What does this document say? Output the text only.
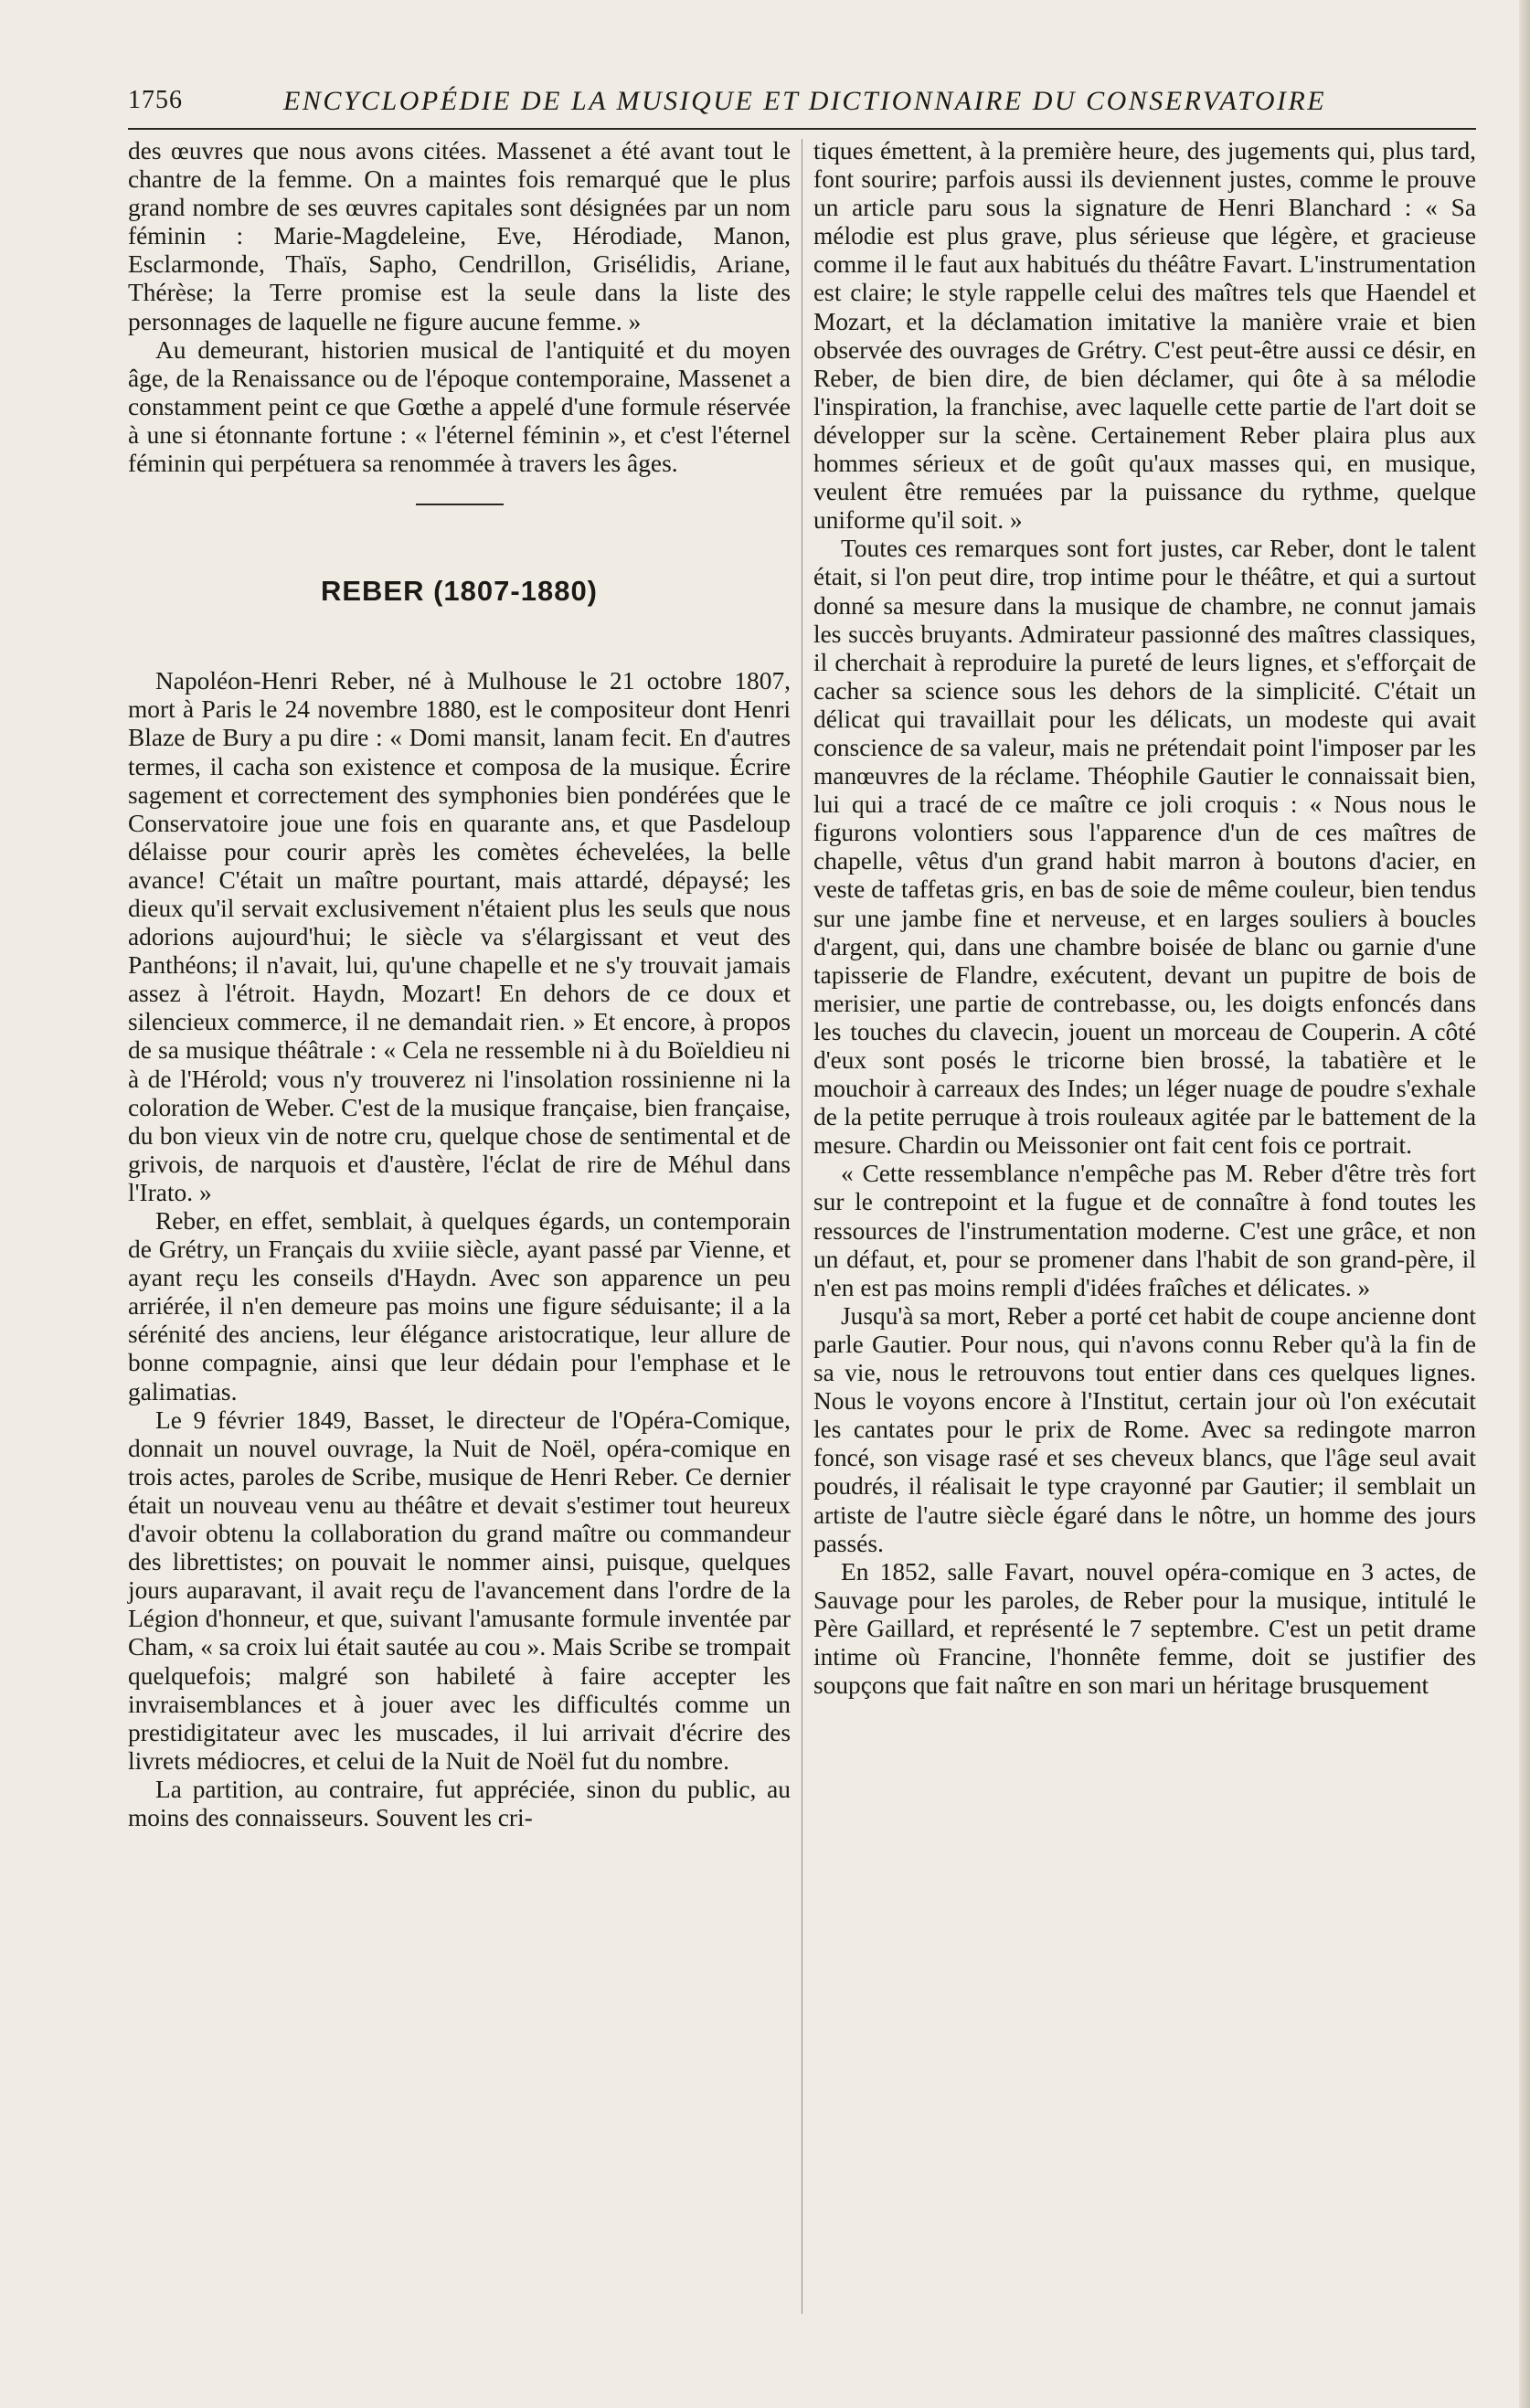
1756	ENCYCLOPÉDIE DE LA MUSIQUE ET DICTIONNAIRE DU CONSERVATOIRE

des œuvres que nous avons citées. Massenet a été avant tout le chantre de la femme. On a maintes fois remarqué que le plus grand nombre de ses œuvres capitales sont désignées par un nom féminin : Marie-Magdeleine, Eve, Hérodiade, Manon, Esclarmonde, Thaïs, Sapho, Cendrillon, Grisélidis, Ariane, Thérèse; la Terre promise est la seule dans la liste des personnages de laquelle ne figure aucune femme. »

Au demeurant, historien musical de l'antiquité et du moyen âge, de la Renaissance ou de l'époque contemporaine, Massenet a constamment peint ce que Gœthe a appelé d'une formule réservée à une si étonnante fortune : « l'éternel féminin », et c'est l'éternel féminin qui perpétuera sa renommée à travers les âges.

REBER (1807-1880)

Napoléon-Henri Reber, né à Mulhouse le 21 octobre 1807, mort à Paris le 24 novembre 1880, est le compositeur dont Henri Blaze de Bury a pu dire : « Domi mansit, lanam fecit. En d'autres termes, il cacha son existence et composa de la musique. Écrire sagement et correctement des symphonies bien pondérées que le Conservatoire joue une fois en quarante ans, et que Pasdeloup délaisse pour courir après les comètes échevelées, la belle avance! C'était un maître pourtant, mais attardé, dépaysé; les dieux qu'il servait exclusivement n'étaient plus les seuls que nous adorions aujourd'hui; le siècle va s'élargissant et veut des Panthéons; il n'avait, lui, qu'une chapelle et ne s'y trouvait jamais assez à l'étroit. Haydn, Mozart! En dehors de ce doux et silencieux commerce, il ne demandait rien. » Et encore, à propos de sa musique théâtrale : « Cela ne ressemble ni à du Boïeldieu ni à de l'Hérold; vous n'y trouverez ni l'insolation rossinienne ni la coloration de Weber. C'est de la musique française, bien française, du bon vieux vin de notre cru, quelque chose de sentimental et de grivois, de narquois et d'austère, l'éclat de rire de Méhul dans l'Irato. »

Reber, en effet, semblait, à quelques égards, un contemporain de Grétry, un Français du xviiie siècle, ayant passé par Vienne, et ayant reçu les conseils d'Haydn. Avec son apparence un peu arriérée, il n'en demeure pas moins une figure séduisante; il a la sérénité des anciens, leur élégance aristocratique, leur allure de bonne compagnie, ainsi que leur dédain pour l'emphase et le galimatias.

Le 9 février 1849, Basset, le directeur de l'Opéra-Comique, donnait un nouvel ouvrage, la Nuit de Noël, opéra-comique en trois actes, paroles de Scribe, musique de Henri Reber. Ce dernier était un nouveau venu au théâtre et devait s'estimer tout heureux d'avoir obtenu la collaboration du grand maître ou commandeur des librettistes; on pouvait le nommer ainsi, puisque, quelques jours auparavant, il avait reçu de l'avancement dans l'ordre de la Légion d'honneur, et que, suivant l'amusante formule inventée par Cham, « sa croix lui était sautée au cou ». Mais Scribe se trompait quelquefois; malgré son habileté à faire accepter les invraisemblances et à jouer avec les difficultés comme un prestidigitateur avec les muscades, il lui arrivait d'écrire des livrets médiocres, et celui de la Nuit de Noël fut du nombre.

La partition, au contraire, fut appréciée, sinon du public, au moins des connaisseurs. Souvent les cri-

tiques émettent, à la première heure, des jugements qui, plus tard, font sourire; parfois aussi ils deviennent justes, comme le prouve un article paru sous la signature de Henri Blanchard : « Sa mélodie est plus grave, plus sérieuse que légère, et gracieuse comme il le faut aux habitués du théâtre Favart. L'instrumentation est claire; le style rappelle celui des maîtres tels que Haendel et Mozart, et la déclamation imitative la manière vraie et bien observée des ouvrages de Grétry. C'est peut-être aussi ce désir, en Reber, de bien dire, de bien déclamer, qui ôte à sa mélodie l'inspiration, la franchise, avec laquelle cette partie de l'art doit se développer sur la scène. Certainement Reber plaira plus aux hommes sérieux et de goût qu'aux masses qui, en musique, veulent être remuées par la puissance du rythme, quelque uniforme qu'il soit. »

Toutes ces remarques sont fort justes, car Reber, dont le talent était, si l'on peut dire, trop intime pour le théâtre, et qui a surtout donné sa mesure dans la musique de chambre, ne connut jamais les succès bruyants. Admirateur passionné des maîtres classiques, il cherchait à reproduire la pureté de leurs lignes, et s'efforçait de cacher sa science sous les dehors de la simplicité. C'était un délicat qui travaillait pour les délicats, un modeste qui avait conscience de sa valeur, mais ne prétendait point l'imposer par les manœuvres de la réclame. Théophile Gautier le connaissait bien, lui qui a tracé de ce maître ce joli croquis : « Nous nous le figurons volontiers sous l'apparence d'un de ces maîtres de chapelle, vêtus d'un grand habit marron à boutons d'acier, en veste de taffetas gris, en bas de soie de même couleur, bien tendus sur une jambe fine et nerveuse, et en larges souliers à boucles d'argent, qui, dans une chambre boisée de blanc ou garnie d'une tapisserie de Flandre, exécutent, devant un pupitre de bois de merisier, une partie de contrebasse, ou, les doigts enfoncés dans les touches du clavecin, jouent un morceau de Couperin. A côté d'eux sont posés le tricorne bien brossé, la tabatière et le mouchoir à carreaux des Indes; un léger nuage de poudre s'exhale de la petite perruque à trois rouleaux agitée par le battement de la mesure. Chardin ou Meissonier ont fait cent fois ce portrait.

« Cette ressemblance n'empêche pas M. Reber d'être très fort sur le contrepoint et la fugue et de connaître à fond toutes les ressources de l'instrumentation moderne. C'est une grâce, et non un défaut, et, pour se promener dans l'habit de son grand-père, il n'en est pas moins rempli d'idées fraîches et délicates. »

Jusqu'à sa mort, Reber a porté cet habit de coupe ancienne dont parle Gautier. Pour nous, qui n'avons connu Reber qu'à la fin de sa vie, nous le retrouvons tout entier dans ces quelques lignes. Nous le voyons encore à l'Institut, certain jour où l'on exécutait les cantates pour le prix de Rome. Avec sa redingote marron foncé, son visage rasé et ses cheveux blancs, que l'âge seul avait poudrés, il réalisait le type crayonné par Gautier; il semblait un artiste de l'autre siècle égaré dans le nôtre, un homme des jours passés.

En 1852, salle Favart, nouvel opéra-comique en 3 actes, de Sauvage pour les paroles, de Reber pour la musique, intitulé le Père Gaillard, et représenté le 7 septembre. C'est un petit drame intime où Francine, l'honnête femme, doit se justifier des soupçons que fait naître en son mari un héritage brusquement
